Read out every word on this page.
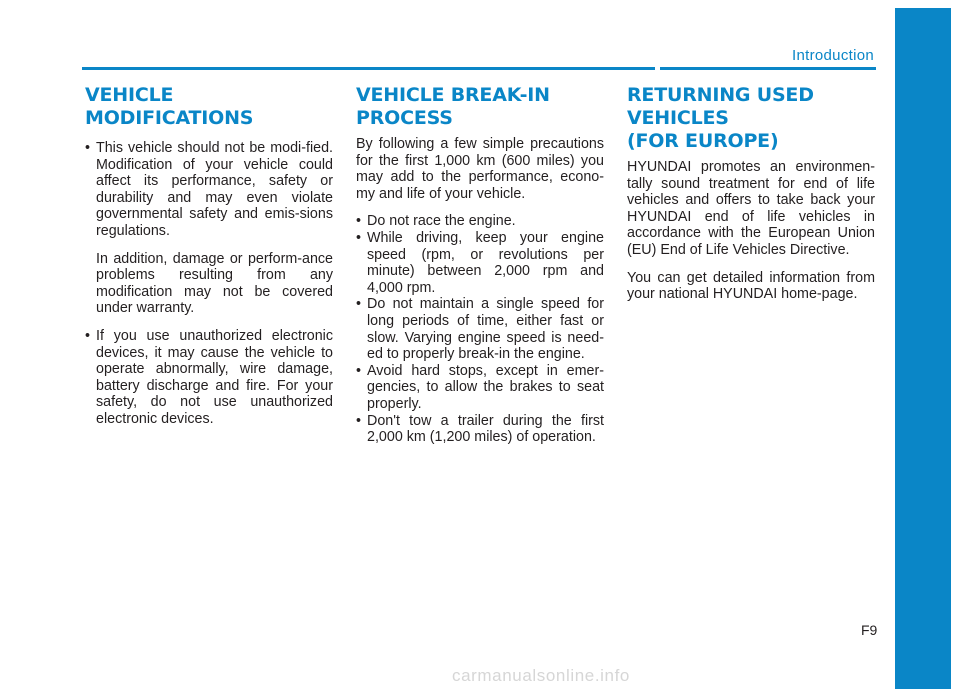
Introduction
VEHICLE MODIFICATIONS
• This vehicle should not be modi-fied. Modification of your vehicle could affect its performance, safety or durability and may even violate governmental safety and emis-sions regulations.

In addition, damage or perform-ance problems resulting from any modification may not be covered under warranty.

• If you use unauthorized electronic devices, it may cause the vehicle to operate abnormally, wire damage, battery discharge and fire. For your safety, do not use unauthorized electronic devices.
VEHICLE BREAK-IN
PROCESS

By following a few simple precautions for the first 1,000 km (600 miles) you may add to the performance, econo-my and life of your vehicle.

• Do not race the engine.
• While driving, keep your engine speed (rpm, or revolutions per minute) between 2,000 rpm and 4,000 rpm.
• Do not maintain a single speed for long periods of time, either fast or slow. Varying engine speed is need-ed to properly break-in the engine.
• Avoid hard stops, except in emer-gencies, to allow the brakes to seat properly.
• Don't tow a trailer during the first 2,000 km (1,200 miles) of operation.
RETURNING USED VEHICLES
(FOR EUROPE)

HYUNDAI promotes an environmen-tally sound treatment for end of life vehicles and offers to take back your HYUNDAI end of life vehicles in accordance with the European Union (EU) End of Life Vehicles Directive.

You can get detailed information from your national HYUNDAI home-page.

F9
carmanualsonline.info
